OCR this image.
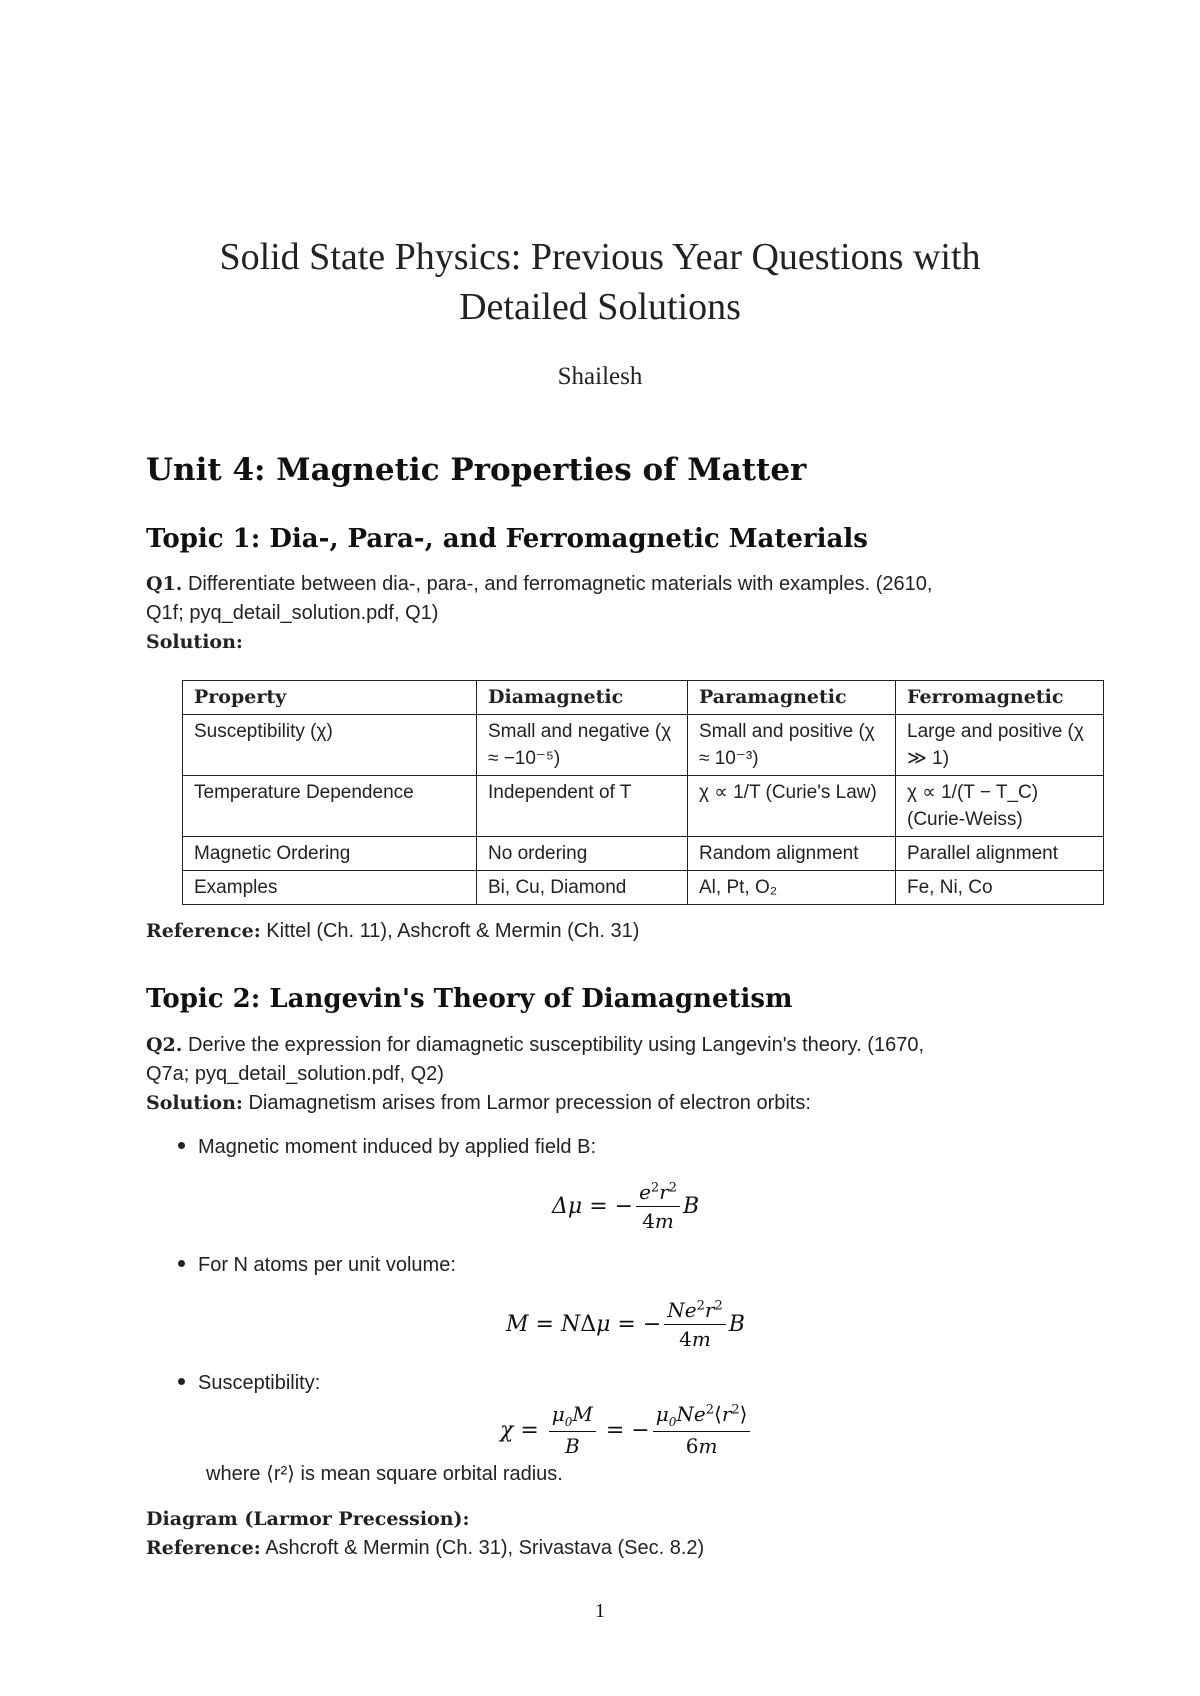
Solid State Physics: Previous Year Questions with
Detailed Solutions
Shailesh
Unit 4: Magnetic Properties of Matter
Topic 1: Dia-, Para-, and Ferromagnetic Materials
Q1. Differentiate between dia-, para-, and ferromagnetic materials with examples. (2610,
Q1f; pyq_detail_solution.pdf, Q1)
Solution:
Property	Diamagnetic	Paramagnetic	Ferromagnetic
Susceptibility (χ)	Small and negative (χ ≈ −10⁻⁵)	Small and positive (χ ≈ 10⁻³)	Large and positive (χ ≫ 1)
Temperature Dependence	Independent of T	χ ∝ 1/T (Curie's Law)	χ ∝ 1/(T − T_C) (Curie-Weiss)
Magnetic Ordering	No ordering	Random alignment	Parallel alignment
Examples	Bi, Cu, Diamond	Al, Pt, O₂	Fe, Ni, Co
Reference: Kittel (Ch. 11), Ashcroft & Mermin (Ch. 31)
Topic 2: Langevin's Theory of Diamagnetism
Q2. Derive the expression for diamagnetic susceptibility using Langevin's theory. (1670,
Q7a; pyq_detail_solution.pdf, Q2)
Solution: Diamagnetism arises from Larmor precession of electron orbits:
Magnetic moment induced by applied field B:
Δ μ = − $\frac{e^2r^2}{4m}$ B
For N atoms per unit volume:
M = N Δ μ = − $\frac{Ne^2r^2}{4m}$ B
Susceptibility:
$\chi = \frac{\mu_0M}{B}$ = − $\frac{\mu_0Ne^2⟨r^2⟩}{6m}$
where ⟨r²⟩ is mean square orbital radius.
Diagram (Larmor Precession):
Reference: Ashcroft & Mermin (Ch. 31), Srivastava (Sec. 8.2)
1
